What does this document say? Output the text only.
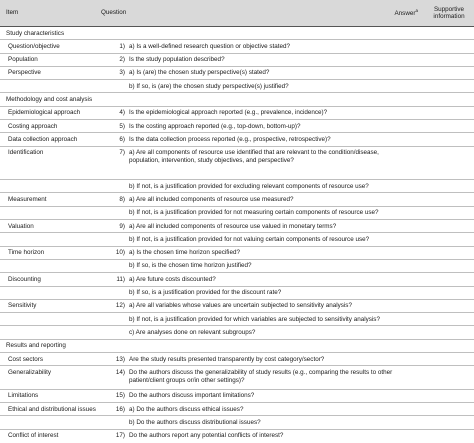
Item	Question	Answer$^a$	Supportive
information
Study characteristics
Question/objective	1) a) Is a well-defined research question or objective stated?
Population	2) Is the study population described?
Perspective	3) a) Is (are) the chosen study perspective(s) stated?
b) If so, is (are) the chosen study perspective(s) justified?
Methodology and cost analysis
Epidemiological approach	4) Is the epidemiological approach reported (e.g., prevalence, incidence)?
Costing approach	5) Is the costing approach reported (e.g., top-down, bottom-up)?
Data collection approach	6) Is the data collection process reported (e.g., prospective, retrospective)?
Identification	7) a) Are all components of resource use identified that are relevant to the condition/disease, population, intervention, study objectives, and perspective?
b) If not, is a justification provided for excluding relevant components of resource use?
Measurement	8) a) Are all included components of resource use measured?
b) If not, is a justification provided for not measuring certain components of resource use?
Valuation	9) a) Are all included components of resource use valued in monetary terms?
b) If not, is a justification provided for not valuing certain components of resource use?
Time horizon	10) a) Is the chosen time horizon specified?
b) If so, is the chosen time horizon justified?
Discounting	11) a) Are future costs discounted?
b) If so, is a justification provided for the discount rate?
Sensitivity	12) a) Are all variables whose values are uncertain subjected to sensitivity analysis?
b) If not, is a justification provided for which variables are subjected to sensitivity analysis?
c) Are analyses done on relevant subgroups?
Results and reporting
Cost sectors	13) Are the study results presented transparently by cost category/sector?
Generalizability	14) Do the authors discuss the generalizability of study results (e.g., comparing the results to other patient/client groups or/in other settings)?
Limitations	15) Do the authors discuss important limitations?
Ethical and distributional issues	16) a) Do the authors discuss ethical issues?
b) Do the authors discuss distributional issues?
Conflict of interest	17) Do the authors report any potential conflicts of interest?
